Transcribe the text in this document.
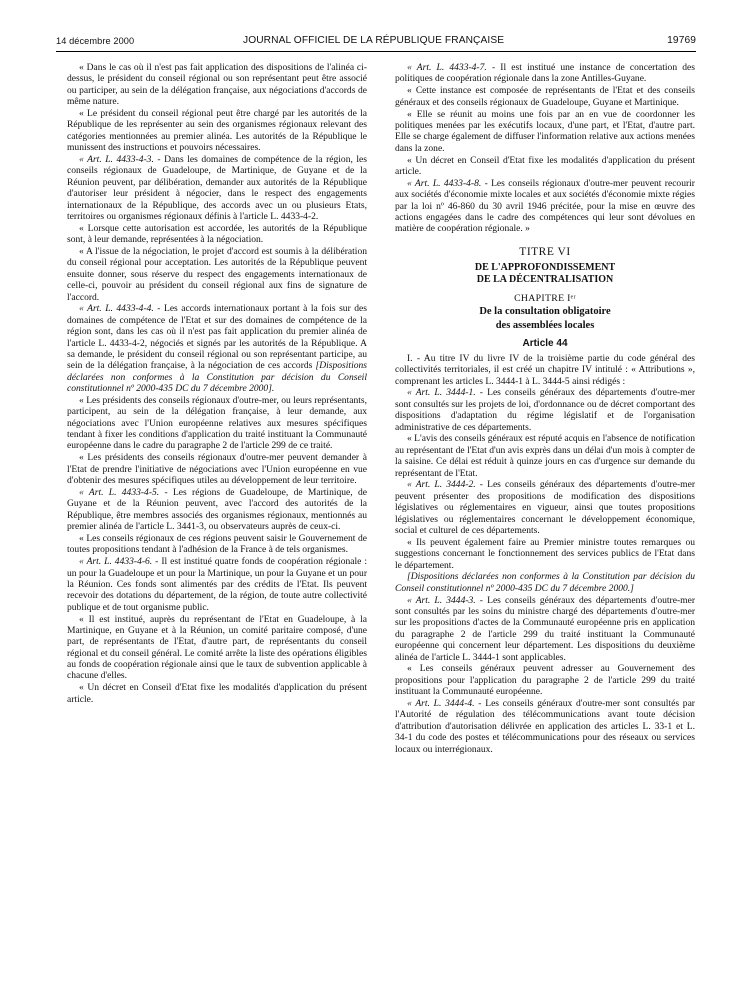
14 décembre 2000	JOURNAL OFFICIEL DE LA RÉPUBLIQUE FRANÇAISE	19769

« Dans le cas où il n'est pas fait application des dispositions de l'alinéa ci-dessus, le président du conseil régional ou son représentant peut être associé ou participer, au sein de la délégation française, aux négociations d'accords de même nature.

« Le président du conseil régional peut être chargé par les autorités de la République de les représenter au sein des organismes régionaux relevant des catégories mentionnées au premier alinéa. Les autorités de la République le munissent des instructions et pouvoirs nécessaires.

« Art. L. 4433-4-3. - Dans les domaines de compétence de la région, les conseils régionaux de Guadeloupe, de Martinique, de Guyane et de la Réunion peuvent, par délibération, demander aux autorités de la République d'autoriser leur président à négocier, dans le respect des engagements internationaux de la République, des accords avec un ou plusieurs Etats, territoires ou organismes régionaux définis à l'article L. 4433-4-2.

« Lorsque cette autorisation est accordée, les autorités de la République sont, à leur demande, représentées à la négociation.

« A l'issue de la négociation, le projet d'accord est soumis à la délibération du conseil régional pour acceptation. Les autorités de la République peuvent ensuite donner, sous réserve du respect des engagements internationaux de celle-ci, pouvoir au président du conseil régional aux fins de signature de l'accord.

« Art. L. 4433-4-4. - Les accords internationaux portant à la fois sur des domaines de compétence de l'Etat et sur des domaines de compétence de la région sont, dans les cas où il n'est pas fait application du premier alinéa de l'article L. 4433-4-2, négociés et signés par les autorités de la République. A sa demande, le président du conseil régional ou son représentant participe, au sein de la délégation française, à la négociation de ces accords [Dispositions déclarées non conformes à la Constitution par décision du Conseil constitutionnel nº 2000-435 DC du 7 décembre 2000].

« Les présidents des conseils régionaux d'outre-mer, ou leurs représentants, participent, au sein de la délégation française, à leur demande, aux négociations avec l'Union européenne relatives aux mesures spécifiques tendant à fixer les conditions d'application du traité instituant la Communauté européenne dans le cadre du paragraphe 2 de l'article 299 de ce traité.

« Les présidents des conseils régionaux d'outre-mer peuvent demander à l'Etat de prendre l'initiative de négociations avec l'Union européenne en vue d'obtenir des mesures spécifiques utiles au développement de leur territoire.

« Art. L. 4433-4-5. - Les régions de Guadeloupe, de Martinique, de Guyane et de la Réunion peuvent, avec l'accord des autorités de la République, être membres associés des organismes régionaux, mentionnés au premier alinéa de l'article L. 3441-3, ou observateurs auprès de ceux-ci.

« Les conseils régionaux de ces régions peuvent saisir le Gouvernement de toutes propositions tendant à l'adhésion de la France à de tels organismes.

« Art. L. 4433-4-6. - Il est institué quatre fonds de coopération régionale : un pour la Guadeloupe et un pour la Martinique, un pour la Guyane et un pour la Réunion. Ces fonds sont alimentés par des crédits de l'Etat. Ils peuvent recevoir des dotations du département, de la région, de toute autre collectivité publique et de tout organisme public.

« Il est institué, auprès du représentant de l'Etat en Guadeloupe, à la Martinique, en Guyane et à la Réunion, un comité paritaire composé, d'une part, de représentants de l'Etat, d'autre part, de représentants du conseil régional et du conseil général. Le comité arrête la liste des opérations éligibles au fonds de coopération régionale ainsi que le taux de subvention applicable à chacune d'elles.

« Un décret en Conseil d'Etat fixe les modalités d'application du présent article.

« Art. L. 4433-4-7. - Il est institué une instance de concertation des politiques de coopération régionale dans la zone Antilles-Guyane.

« Cette instance est composée de représentants de l'Etat et des conseils généraux et des conseils régionaux de Guadeloupe, Guyane et Martinique.

« Elle se réunit au moins une fois par an en vue de coordonner les politiques menées par les exécutifs locaux, d'une part, et l'Etat, d'autre part. Elle se charge également de diffuser l'information relative aux actions menées dans la zone.

« Un décret en Conseil d'Etat fixe les modalités d'application du présent article.

« Art. L. 4433-4-8. - Les conseils régionaux d'outre-mer peuvent recourir aux sociétés d'économie mixte locales et aux sociétés d'économie mixte régies par la loi nº 46-860 du 30 avril 1946 précitée, pour la mise en œuvre des actions engagées dans le cadre des compétences qui leur sont dévolues en matière de coopération régionale. »

TITRE VI
DE L'APPROFONDISSEMENT
DE LA DÉCENTRALISATION
CHAPITRE Iᵉʳ
De la consultation obligatoire
des assemblées locales
Article 44

I. - Au titre IV du livre IV de la troisième partie du code général des collectivités territoriales, il est créé un chapitre IV intitulé : « Attributions », comprenant les articles L. 3444-1 à L. 3444-5 ainsi rédigés :

« Art. L. 3444-1. - Les conseils généraux des départements d'outre-mer sont consultés sur les projets de loi, d'ordonnance ou de décret comportant des dispositions d'adaptation du régime législatif et de l'organisation administrative de ces départements.

« L'avis des conseils généraux est réputé acquis en l'absence de notification au représentant de l'Etat d'un avis exprès dans un délai d'un mois à compter de la saisine. Ce délai est réduit à quinze jours en cas d'urgence sur demande du représentant de l'Etat.

« Art. L. 3444-2. - Les conseils généraux des départements d'outre-mer peuvent présenter des propositions de modification des dispositions législatives ou réglementaires en vigueur, ainsi que toutes propositions législatives ou réglementaires concernant le développement économique, social et culturel de ces départements.

« Ils peuvent également faire au Premier ministre toutes remarques ou suggestions concernant le fonctionnement des services publics de l'Etat dans le département.

[Dispositions déclarées non conformes à la Constitution par décision du Conseil constitutionnel nº 2000-435 DC du 7 décembre 2000.]

« Art. L. 3444-3. - Les conseils généraux des départements d'outre-mer sont consultés par les soins du ministre chargé des départements d'outre-mer sur les propositions d'actes de la Communauté européenne pris en application du paragraphe 2 de l'article 299 du traité instituant la Communauté européenne qui concernent leur département. Les dispositions du deuxième alinéa de l'article L. 3444-1 sont applicables.

« Les conseils généraux peuvent adresser au Gouvernement des propositions pour l'application du paragraphe 2 de l'article 299 du traité instituant la Communauté européenne.

« Art. L. 3444-4. - Les conseils généraux d'outre-mer sont consultés par l'Autorité de régulation des télécommunications avant toute décision d'attribution d'autorisation délivrée en application des articles L. 33-1 et L. 34-1 du code des postes et télécommunications pour des réseaux ou services locaux ou interrégionaux.
